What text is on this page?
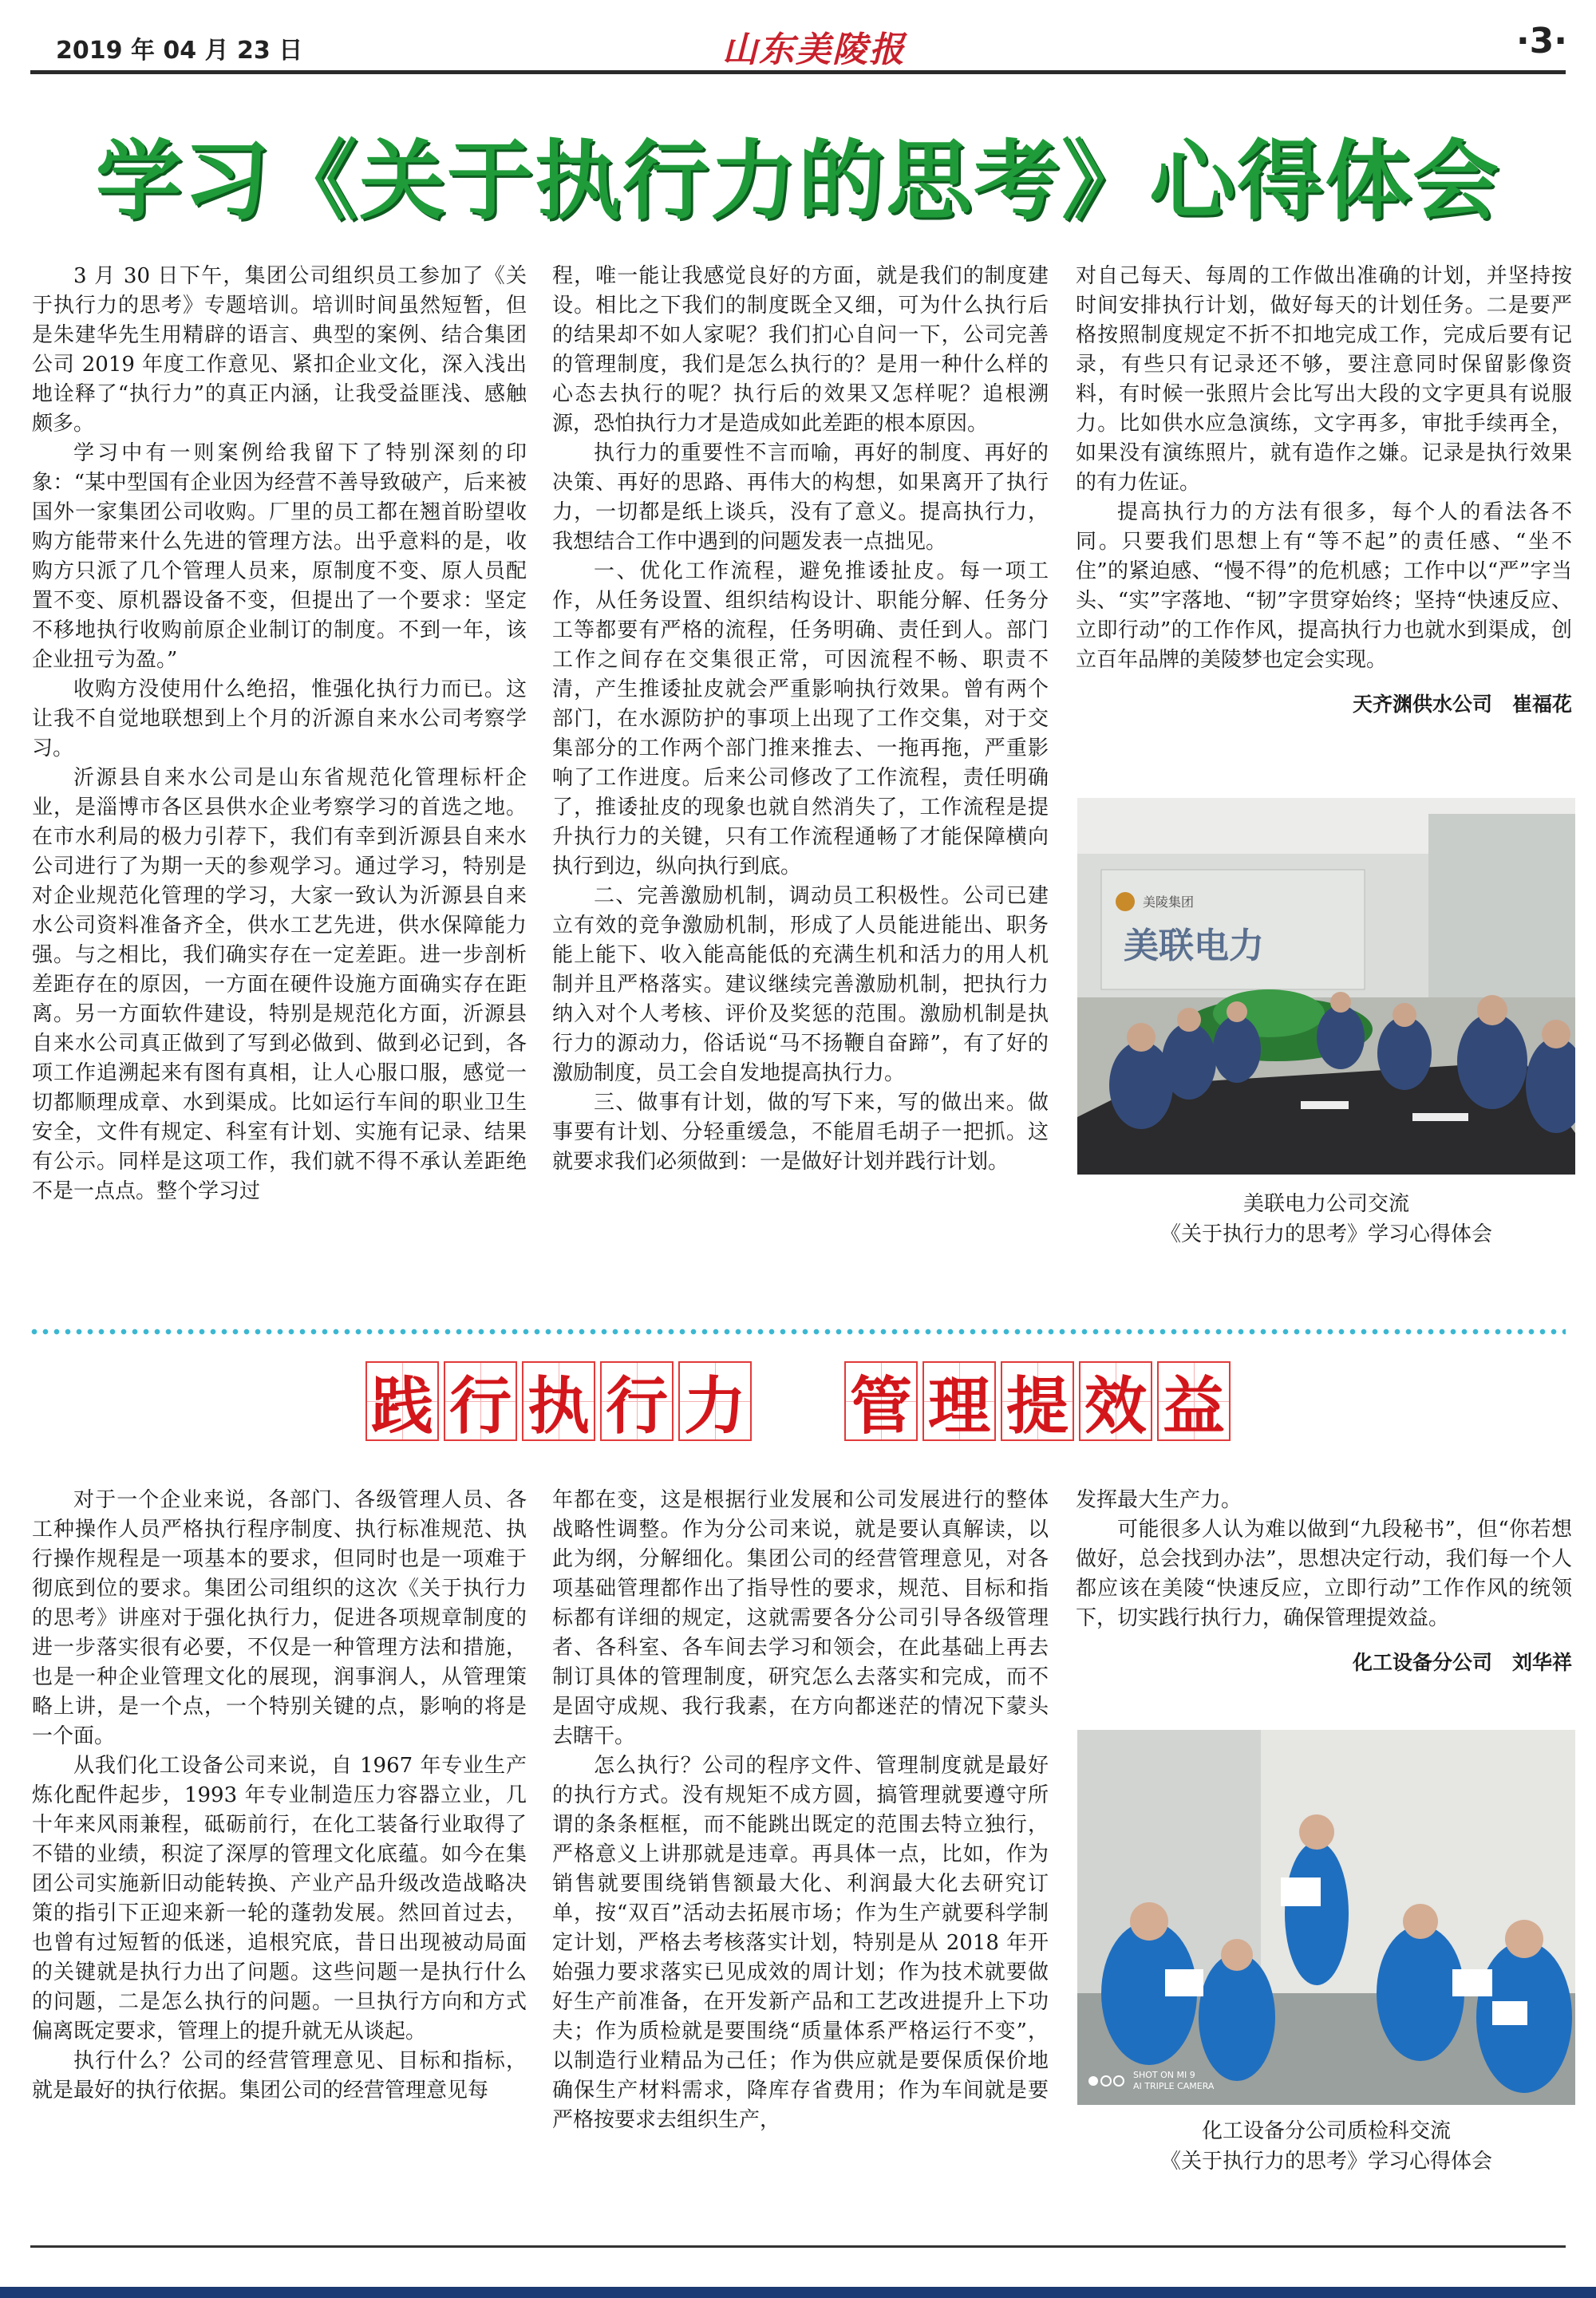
2019 年 04 月 23 日	山东美陵报	·3·
学习《关于执行力的思考》心得体会

3 月 30 日下午，集团公司组织员工参加了《关于执行力的思考》专题培训。培训时间虽然短暂，但是朱建华先生用精辟的语言、典型的案例、结合集团公司 2019 年度工作意见、紧扣企业文化，深入浅出地诠释了“执行力”的真正内涵，让我受益匪浅、感触颇多。

学习中有一则案例给我留下了特别深刻的印象：“某中型国有企业因为经营不善导致破产，后来被国外一家集团公司收购。厂里的员工都在翘首盼望收购方能带来什么先进的管理方法。出乎意料的是，收购方只派了几个管理人员来，原制度不变、原人员配置不变、原机器设备不变，但提出了一个要求：坚定不移地执行收购前原企业制订的制度。不到一年，该企业扭亏为盈。”

收购方没使用什么绝招，惟强化执行力而已。这让我不自觉地联想到上个月的沂源自来水公司考察学习。

沂源县自来水公司是山东省规范化管理标杆企业，是淄博市各区县供水企业考察学习的首选之地。在市水利局的极力引荐下，我们有幸到沂源县自来水公司进行了为期一天的参观学习。通过学习，特别是对企业规范化管理的学习，大家一致认为沂源县自来水公司资料准备齐全，供水工艺先进，供水保障能力强。与之相比，我们确实存在一定差距。进一步剖析差距存在的原因，一方面在硬件设施方面确实存在距离。另一方面软件建设，特别是规范化方面，沂源县自来水公司真正做到了写到必做到、做到必记到，各项工作追溯起来有图有真相，让人心服口服，感觉一切都顺理成章、水到渠成。比如运行车间的职业卫生安全，文件有规定、科室有计划、实施有记录、结果有公示。同样是这项工作，我们就不得不承认差距绝不是一点点。整个学习过

程，唯一能让我感觉良好的方面，就是我们的制度建设。相比之下我们的制度既全又细，可为什么执行后的结果却不如人家呢？我们扪心自问一下，公司完善的管理制度，我们是怎么执行的？是用一种什么样的心态去执行的呢？执行后的效果又怎样呢？追根溯源，恐怕执行力才是造成如此差距的根本原因。

执行力的重要性不言而喻，再好的制度、再好的决策、再好的思路、再伟大的构想，如果离开了执行力，一切都是纸上谈兵，没有了意义。提高执行力，我想结合工作中遇到的问题发表一点拙见。

一、优化工作流程，避免推诿扯皮。每一项工作，从任务设置、组织结构设计、职能分解、任务分工等都要有严格的流程，任务明确、责任到人。部门工作之间存在交集很正常，可因流程不畅、职责不清，产生推诿扯皮就会严重影响执行效果。曾有两个部门，在水源防护的事项上出现了工作交集，对于交集部分的工作两个部门推来推去、一拖再拖，严重影响了工作进度。后来公司修改了工作流程，责任明确了，推诿扯皮的现象也就自然消失了，工作流程是提升执行力的关键，只有工作流程通畅了才能保障横向执行到边，纵向执行到底。

二、完善激励机制，调动员工积极性。公司已建立有效的竞争激励机制，形成了人员能进能出、职务能上能下、收入能高能低的充满生机和活力的用人机制并且严格落实。建议继续完善激励机制，把执行力纳入对个人考核、评价及奖惩的范围。激励机制是执行力的源动力，俗话说“马不扬鞭自奋蹄”，有了好的激励制度，员工会自发地提高执行力。

三、做事有计划，做的写下来，写的做出来。做事要有计划、分轻重缓急，不能眉毛胡子一把抓。这就要求我们必须做到：一是做好计划并践行计划。

对自己每天、每周的工作做出准确的计划，并坚持按时间安排执行计划，做好每天的计划任务。二是要严格按照制度规定不折不扣地完成工作，完成后要有记录，有些只有记录还不够，要注意同时保留影像资料，有时候一张照片会比写出大段的文字更具有说服力。比如供水应急演练，文字再多，审批手续再全，如果没有演练照片，就有造作之嫌。记录是执行效果的有力佐证。

提高执行力的方法有很多，每个人的看法各不同。只要我们思想上有“等不起”的责任感、“坐不住”的紧迫感、“慢不得”的危机感；工作中以“严”字当头、“实”字落地、“韧”字贯穿始终；坚持“快速反应、立即行动”的工作作风，提高执行力也就水到渠成，创立百年品牌的美陵梦也定会实现。

天齐渊供水公司　崔福花
美陵集团
美联电力
美联电力公司交流
《关于执行力的思考》学习心得体会
践 行 执 行 力 管 理 提 效 益

对于一个企业来说，各部门、各级管理人员、各工种操作人员严格执行程序制度、执行标准规范、执行操作规程是一项基本的要求，但同时也是一项难于彻底到位的要求。集团公司组织的这次《关于执行力的思考》讲座对于强化执行力，促进各项规章制度的进一步落实很有必要，不仅是一种管理方法和措施，也是一种企业管理文化的展现，润事润人，从管理策略上讲，是一个点，一个特别关键的点，影响的将是一个面。

从我们化工设备公司来说，自 1967 年专业生产炼化配件起步，1993 年专业制造压力容器立业，几十年来风雨兼程，砥砺前行，在化工装备行业取得了不错的业绩，积淀了深厚的管理文化底蕴。如今在集团公司实施新旧动能转换、产业产品升级改造战略决策的指引下正迎来新一轮的蓬勃发展。然回首过去，也曾有过短暂的低迷，追根究底，昔日出现被动局面的关键就是执行力出了问题。这些问题一是执行什么的问题，二是怎么执行的问题。一旦执行方向和方式偏离既定要求，管理上的提升就无从谈起。

执行什么？公司的经营管理意见、目标和指标，就是最好的执行依据。集团公司的经营管理意见每

年都在变，这是根据行业发展和公司发展进行的整体战略性调整。作为分公司来说，就是要认真解读，以此为纲，分解细化。集团公司的经营管理意见，对各项基础管理都作出了指导性的要求，规范、目标和指标都有详细的规定，这就需要各分公司引导各级管理者、各科室、各车间去学习和领会，在此基础上再去制订具体的管理制度，研究怎么去落实和完成，而不是固守成规、我行我素，在方向都迷茫的情况下蒙头去瞎干。

怎么执行？公司的程序文件、管理制度就是最好的执行方式。没有规矩不成方圆，搞管理就要遵守所谓的条条框框，而不能跳出既定的范围去特立独行，严格意义上讲那就是违章。再具体一点，比如，作为销售就要围绕销售额最大化、利润最大化去研究订单，按“双百”活动去拓展市场；作为生产就要科学制定计划，严格去考核落实计划，特别是从 2018 年开始强力要求落实已见成效的周计划；作为技术就要做好生产前准备，在开发新产品和工艺改进提升上下功夫；作为质检就是要围绕“质量体系严格运行不变”，以制造行业精品为己任；作为供应就是要保质保价地确保生产材料需求，降库存省费用；作为车间就是要严格按要求去组织生产，

发挥最大生产力。

可能很多人认为难以做到“九段秘书”，但“你若想做好，总会找到办法”，思想决定行动，我们每一个人都应该在美陵“快速反应，立即行动”工作作风的统领下，切实践行执行力，确保管理提效益。

化工设备分公司　刘华祥
SHOT ON MI 9
AI TRIPLE CAMERA
化工设备分公司质检科交流
《关于执行力的思考》学习心得体会
